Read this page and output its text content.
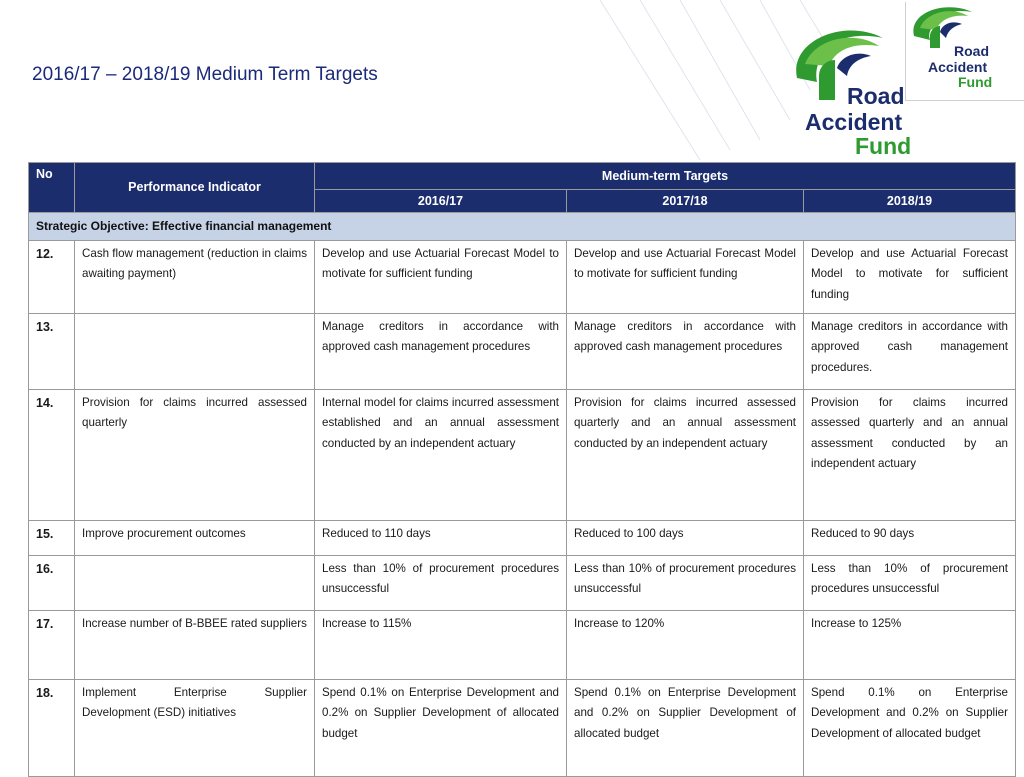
2016/17 – 2018/19 Medium Term Targets
Road
Accident
Fund
Road
Accident
Fund
No	Performance Indicator	Medium-term Targets		
		2016/17	2017/18	2018/19
Strategic Objective: Effective financial management				
12.	Cash flow management (reduction in claims awaiting payment)	Develop and use Actuarial Forecast Model to motivate for sufficient funding	Develop and use Actuarial Forecast Model to motivate for sufficient funding	Develop and use Actuarial Forecast Model to motivate for sufficient funding
13.		Manage creditors in accordance with approved cash management procedures	Manage creditors in accordance with approved cash management procedures	Manage creditors in accordance with approved cash management procedures.
14.	Provision for claims incurred assessed quarterly	Internal model for claims incurred assessment established and an annual assessment conducted by an independent actuary	Provision for claims incurred assessed quarterly and an annual assessment conducted by an independent actuary	Provision for claims incurred assessed quarterly and an annual assessment conducted by an independent actuary
15.	Improve procurement outcomes	Reduced to 110 days	Reduced to 100 days	Reduced to 90 days
16.		Less than 10% of procurement procedures unsuccessful	Less than 10% of procurement procedures unsuccessful	Less than 10% of procurement procedures unsuccessful
17.	Increase number of B-BBEE rated suppliers	Increase to 115%	Increase to 120%	Increase to 125%
18.	Implement Enterprise Supplier Development (ESD) initiatives	Spend 0.1% on Enterprise Development and 0.2% on Supplier Development of allocated budget	Spend 0.1% on Enterprise Development and 0.2% on Supplier Development of allocated budget	Spend 0.1% on Enterprise Development and 0.2% on Supplier Development of allocated budget
